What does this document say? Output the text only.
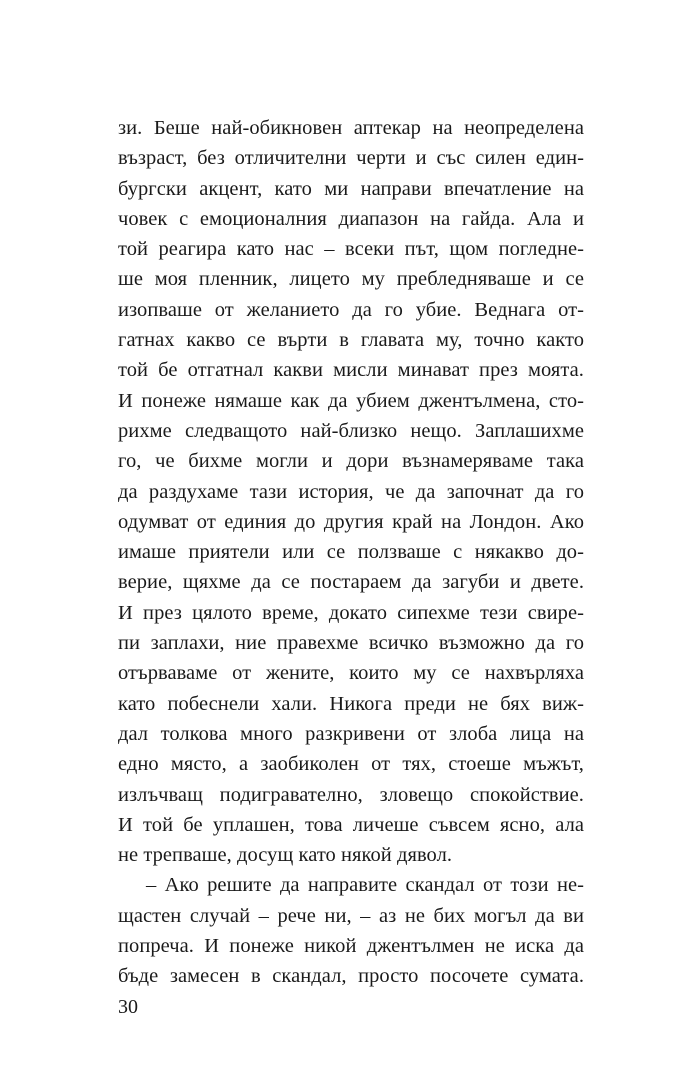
зи. Беше най-обикновен аптекар на неопределена
възраст, без отличителни черти и със силен един-
бургски акцент, като ми направи впечатление на
човек с емоционалния диапазон на гайда. Ала и
той реагира като нас – всеки път, щом погледне-
ше моя пленник, лицето му пребледняваше и се
изопваше от желанието да го убие. Веднага от-
гатнах какво се върти в главата му, точно както
той бе отгатнал какви мисли минават през моята.
И понеже нямаше как да убием джентълмена, сто-
рихме следващото най-близко нещо. Заплашихме
го, че бихме могли и дори възнамеряваме така
да раздухаме тази история, че да започнат да го
одумват от единия до другия край на Лондон. Ако
имаше приятели или се ползваше с някакво до-
верие, щяхме да се постараем да загуби и двете.
И през цялото време, докато сипехме тези свире-
пи заплахи, ние правехме всичко възможно да го
отърваваме от жените, които му се нахвърляха
като побеснели хали. Никога преди не бях виж-
дал толкова много разкривени от злоба лица на
едно място, а заобиколен от тях, стоеше мъжът,
излъчващ подигравателно, зловещо спокойствие.
И той бе уплашен, това личеше съвсем ясно, ала
не трепваше, досущ като някой дявол.
– Ако решите да направите скандал от този не-
щастен случай – рече ни, – аз не бих могъл да ви
попреча. И понеже никой джентълмен не иска да
бъде замесен в скандал, просто посочете сумата.
30
